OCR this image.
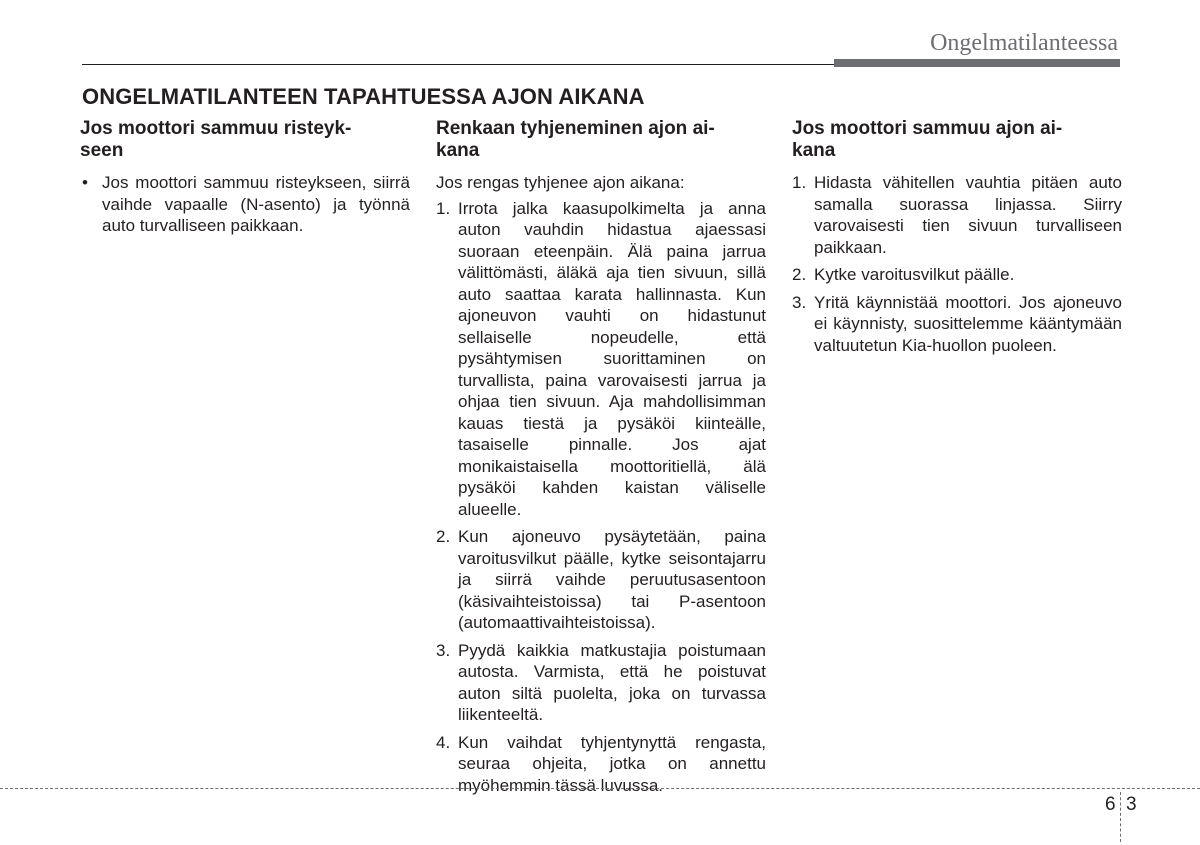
Ongelmatilanteessa
ONGELMATILANTEEN TAPAHTUESSA AJON AIKANA
Jos moottori sammuu risteyk-
seen
• Jos moottori sammuu risteykseen, siirrä vaihde vapaalle (N-asento) ja työnnä auto turvalliseen paikkaan.
Renkaan tyhjeneminen ajon ai-
kana

Jos rengas tyhjenee ajon aikana:

1. Irrota jalka kaasupolkimelta ja anna auton vauhdin hidastua ajaessasi suoraan eteenpäin. Älä paina jarrua välittömästi, äläkä aja tien sivuun, sillä auto saattaa karata hallinnasta. Kun ajoneuvon vauhti on hidastunut sellaiselle nopeudelle, että pysähtymisen suorittaminen on turvallista, paina varovaisesti jarrua ja ohjaa tien sivuun. Aja mahdollisimman kauas tiestä ja pysäköi kiinteälle, tasaiselle pinnalle. Jos ajat monikaistaisella moottoritiellä, älä pysäköi kahden kaistan väliselle alueelle.
2. Kun ajoneuvo pysäytetään, paina varoitusvilkut päälle, kytke seisontajarru ja siirrä vaihde peruutusasentoon (käsivaihteistoissa) tai P-asentoon (automaattivaihteistoissa).
3. Pyydä kaikkia matkustajia poistumaan autosta. Varmista, että he poistuvat auton siltä puolelta, joka on turvassa liikenteeltä.
4. Kun vaihdat tyhjentynyttä rengasta, seuraa ohjeita, jotka on annettu myöhemmin tässä luvussa.
Jos moottori sammuu ajon ai-
kana
1. Hidasta vähitellen vauhtia pitäen auto samalla suorassa linjassa. Siirry varovaisesti tien sivuun turvalliseen paikkaan.
2. Kytke varoitusvilkut päälle.
3. Yritä käynnistää moottori. Jos ajoneuvo ei käynnisty, suosittelemme kääntymään valtuutetun Kia-huollon puoleen.
6 3
